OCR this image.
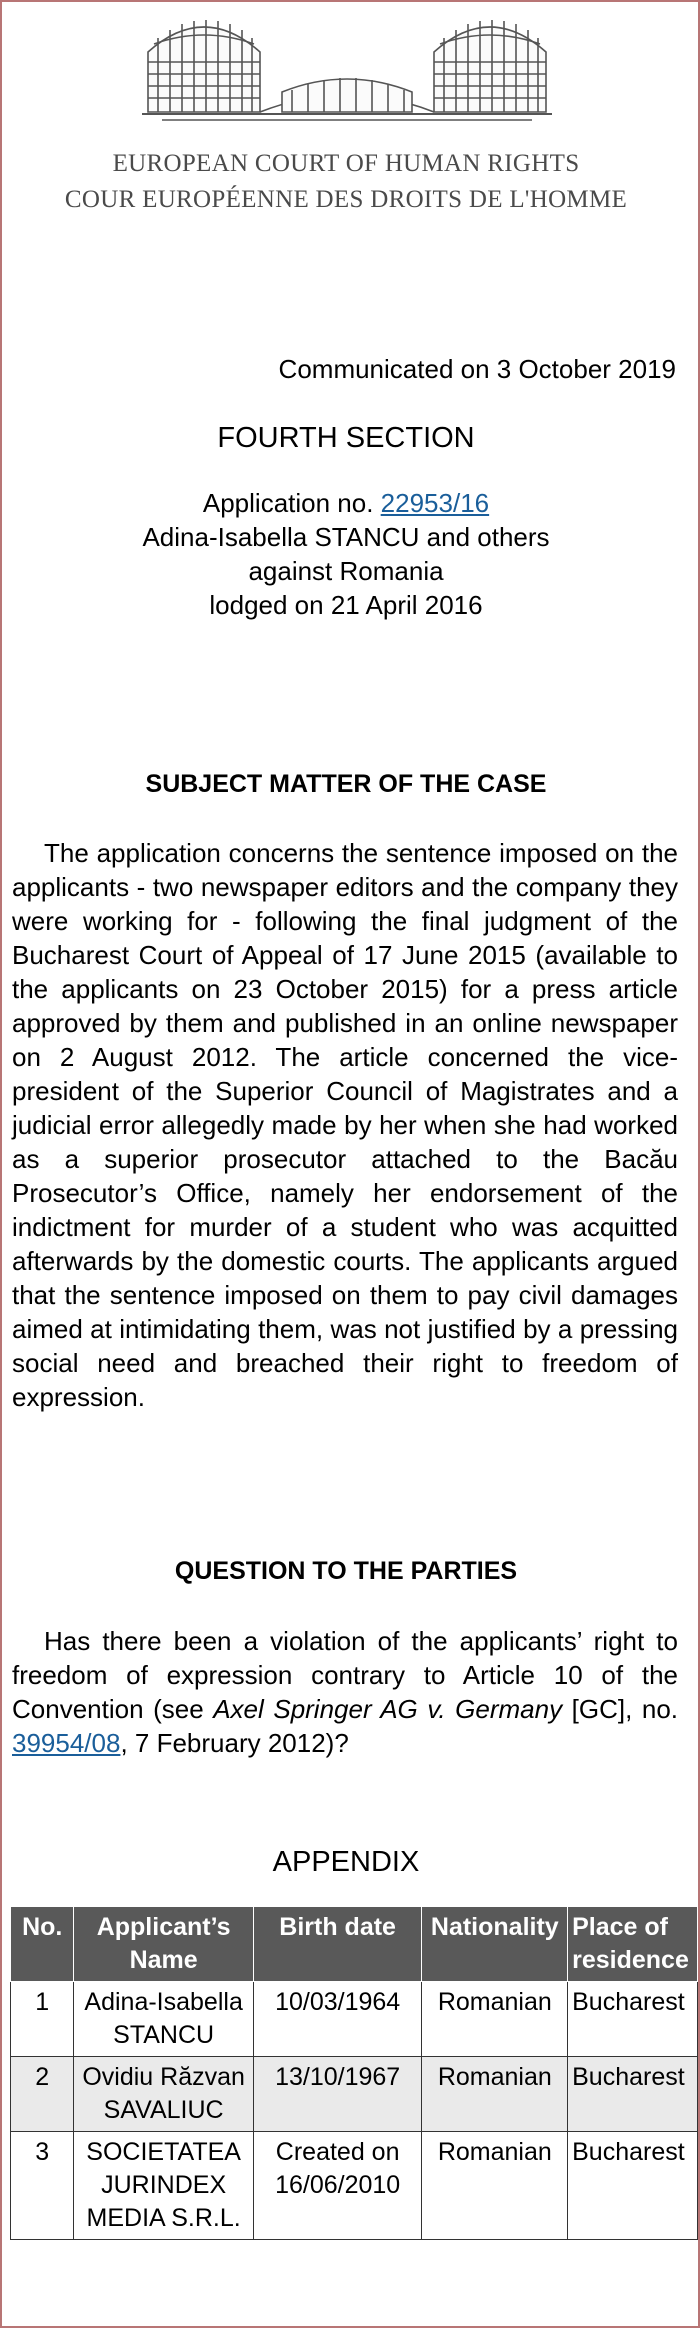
EUROPEAN COURT OF HUMAN RIGHTS
COUR EUROPÉENNE DES DROITS DE L'HOMME
Communicated on 3 October 2019
FOURTH SECTION
Application no. 22953/16
Adina-Isabella STANCU and others
against Romania
lodged on 21 April 2016
SUBJECT MATTER OF THE CASE
The application concerns the sentence imposed on the applicants - two newspaper editors and the company they were working for - following the final judgment of the Bucharest Court of Appeal of 17 June 2015 (available to the applicants on 23 October 2015) for a press article approved by them and published in an online newspaper on 2 August 2012. The article concerned the vice-president of the Superior Council of Magistrates and a judicial error allegedly made by her when she had worked as a superior prosecutor attached to the Bacău Prosecutor’s Office, namely her endorsement of the indictment for murder of a student who was acquitted afterwards by the domestic courts. The applicants argued that the sentence imposed on them to pay civil damages aimed at intimidating them, was not justified by a pressing social need and breached their right to freedom of expression.
QUESTION TO THE PARTIES
Has there been a violation of the applicants’ right to freedom of expression contrary to Article 10 of the Convention (see Axel Springer AG v. Germany [GC], no. 39954/08, 7 February 2012)?
APPENDIX
No.	Applicant’s Name	Birth date	Nationality	Place of residence
1	Adina-Isabella STANCU	10/03/1964	Romanian	Bucharest
2	Ovidiu Răzvan SAVALIUC	13/10/1967	Romanian	Bucharest
3	SOCIETATEA JURINDEX MEDIA S.R.L.	Created on 16/06/2010	Romanian	Bucharest
